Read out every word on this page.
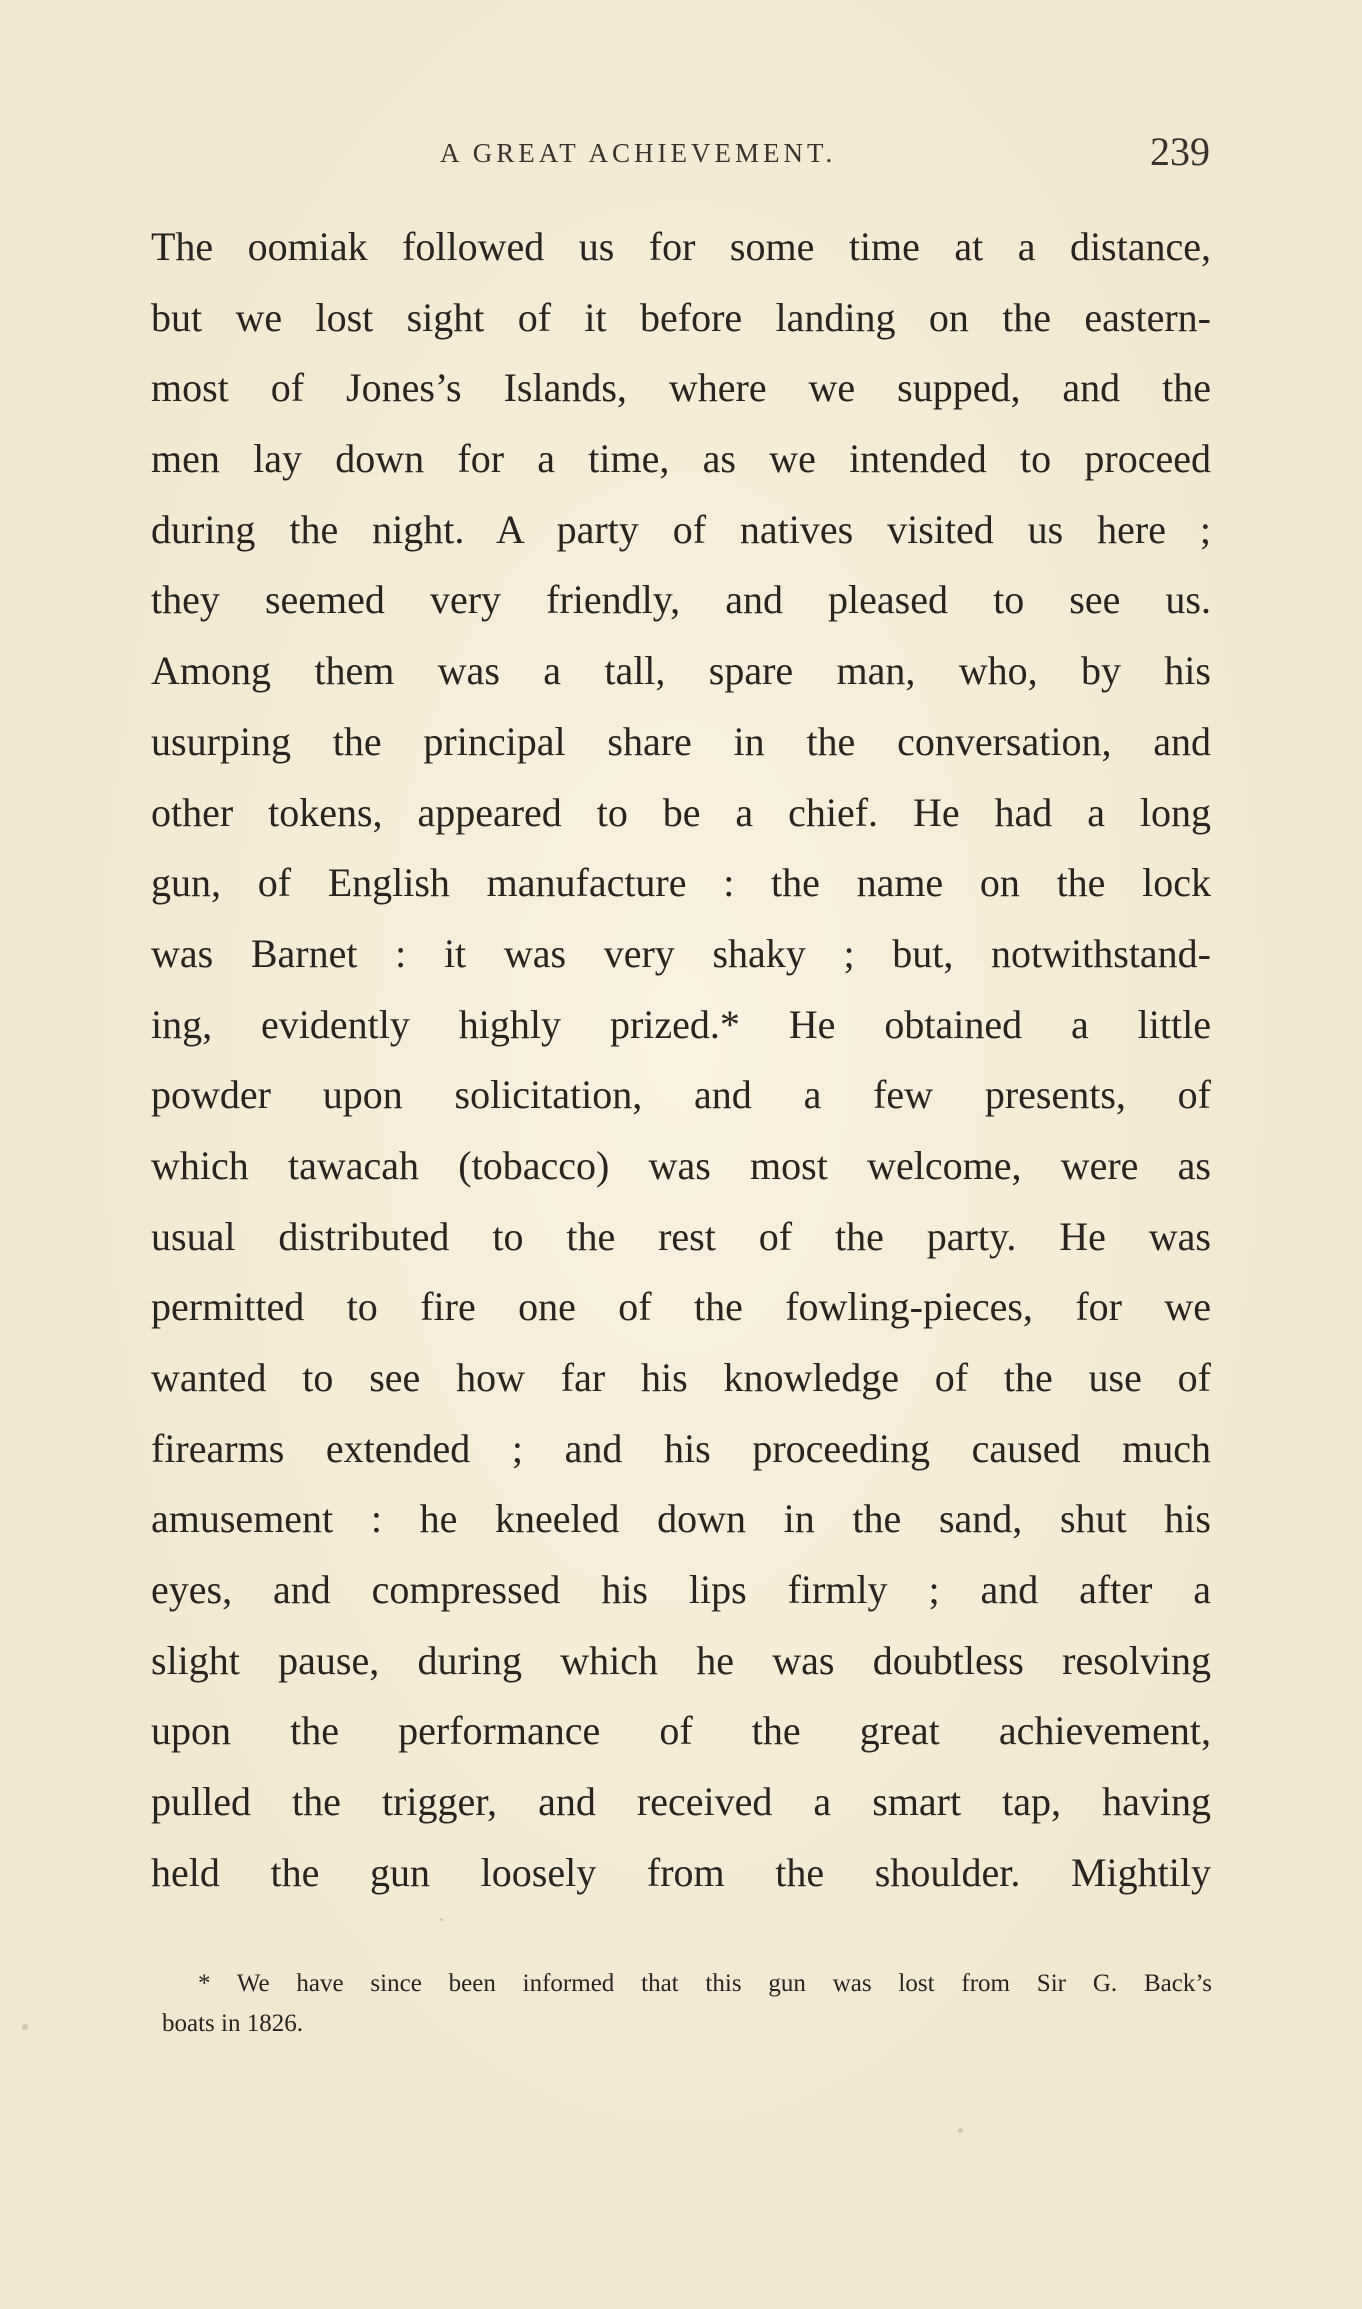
A GREAT ACHIEVEMENT.	239
The oomiak followed us for some time at a distance,
but we lost sight of it before landing on the eastern-
most of Jones’s Islands, where we supped, and the
men lay down for a time, as we intended to proceed
during the night. A party of natives visited us here ;
they seemed very friendly, and pleased to see us.
Among them was a tall, spare man, who, by his
usurping the principal share in the conversation, and
other tokens, appeared to be a chief. He had a long
gun, of English manufacture : the name on the lock
was Barnet : it was very shaky ; but, notwithstand-
ing, evidently highly prized.* He obtained a little
powder upon solicitation, and a few presents, of
which tawacah (tobacco) was most welcome, were as
usual distributed to the rest of the party. He was
permitted to fire one of the fowling-pieces, for we
wanted to see how far his knowledge of the use of
firearms extended ; and his proceeding caused much
amusement : he kneeled down in the sand, shut his
eyes, and compressed his lips firmly ; and after a
slight pause, during which he was doubtless resolving
upon the performance of the great achievement,
pulled the trigger, and received a smart tap, having
held the gun loosely from the shoulder. Mightily
* We have since been informed that this gun was lost from Sir G. Back’s
boats in 1826.
